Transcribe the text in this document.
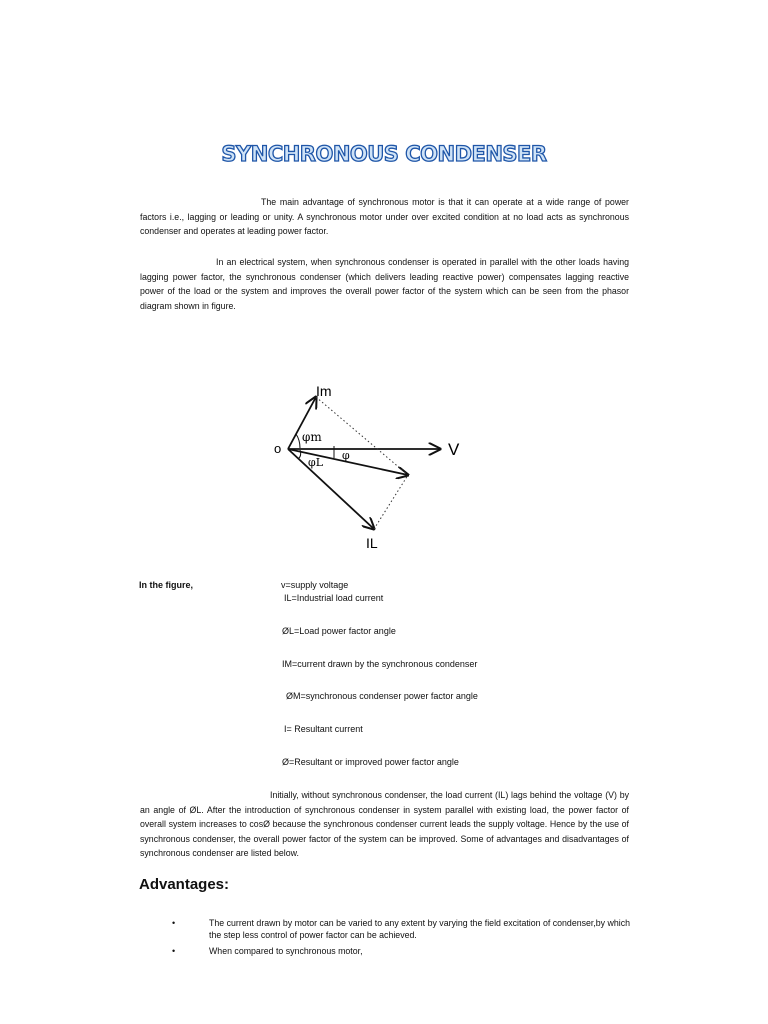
SYNCHRONOUS CONDENSER

The main advantage of synchronous motor is that it can operate at a wide range of power factors i.e., lagging or leading or unity. A synchronous motor under over excited condition at no load acts as synchronous condenser and operates at leading power factor.

In an electrical system, when synchronous condenser is operated in parallel with the other loads having lagging power factor, the synchronous condenser (which delivers leading reactive power) compensates lagging reactive power of the load or the system and improves the overall power factor of the system which can be seen from the phasor diagram shown in figure.

o	V
Im
IL
φm
φL
φ
In the figure,	v=supply voltage
IL=Industrial load current
ØL=Load power factor angle
IM=current drawn by the synchronous condenser
ØM=synchronous condenser power factor angle
I= Resultant current
Ø=Resultant or improved power factor angle

Initially, without synchronous condenser, the load current (IL) lags behind the voltage (V) by an angle of ØL. After the introduction of synchronous condenser in system parallel with existing load, the power factor of overall system increases to cosØ because the synchronous condenser current leads the supply voltage. Hence by the use of synchronous condenser, the overall power factor of the system can be improved. Some of advantages and disadvantages of synchronous condenser are listed below.

Advantages:
•	The current drawn by motor can be varied to any extent by varying the field excitation of condenser,by which the step less control of power factor can be achieved.
•	When compared to synchronous motor,
